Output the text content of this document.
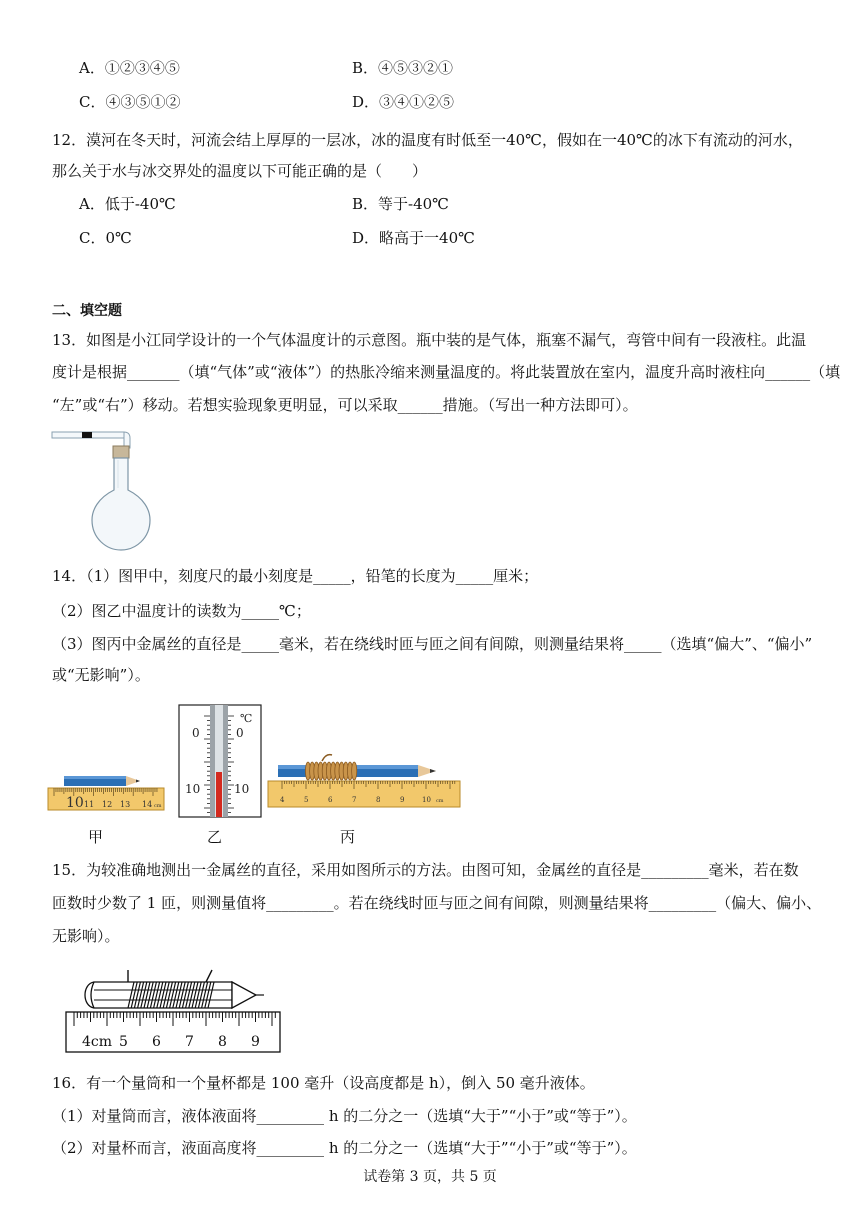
A．①②③④⑤	B．④⑤③②①
C．④③⑤①②	D．③④①②⑤
12．漠河在冬天时，河流会结上厚厚的一层冰，冰的温度有时低至一40℃，假如在一40℃的冰下有流动的河水，
那么关于水与冰交界处的温度以下可能正确的是（　　）
A．低于-40℃	B．等于-40℃
C．0℃	D．略高于一40℃
二、填空题
13．如图是小江同学设计的一个气体温度计的示意图。瓶中装的是气体，瓶塞不漏气，弯管中间有一段液柱。此温
度计是根据_______（填“气体”或“液体”）的热胀冷缩来测量温度的。将此装置放在室内，温度升高时液柱向______（填
“左”或“右”）移动。若想实验现象更明显，可以采取______措施。（写出一种方法即可）。
14．（1）图甲中，刻度尺的最小刻度是_____，铅笔的长度为_____厘米；
（2）图乙中温度计的读数为_____℃；
（3）图丙中金属丝的直径是_____毫米，若在绕线时匝与匝之间有间隙，则测量结果将_____（选填“偏大”、“偏小”
或“无影响”）。
10 11 12 13 14 cm
℃
0	0
10	10
4	5	6	7	8	9	10 cm
甲	乙	丙
15．为较准确地测出一金属丝的直径，采用如图所示的方法。由图可知，金属丝的直径是_________毫米，若在数
匝数时少数了 1 匝，则测量值将_________。若在绕线时匝与匝之间有间隙，则测量结果将_________（偏大、偏小、
无影响）。
4cm 5 6 7 8 9
16．有一个量筒和一个量杯都是 100 毫升（设高度都是 h），倒入 50 毫升液体。
（1）对量筒而言，液体液面将_________ h 的二分之一（选填“大于”“小于”或“等于”）。
（2）对量杯而言，液面高度将_________ h 的二分之一（选填“大于”“小于”或“等于”）。
试卷第 3 页，共 5 页
